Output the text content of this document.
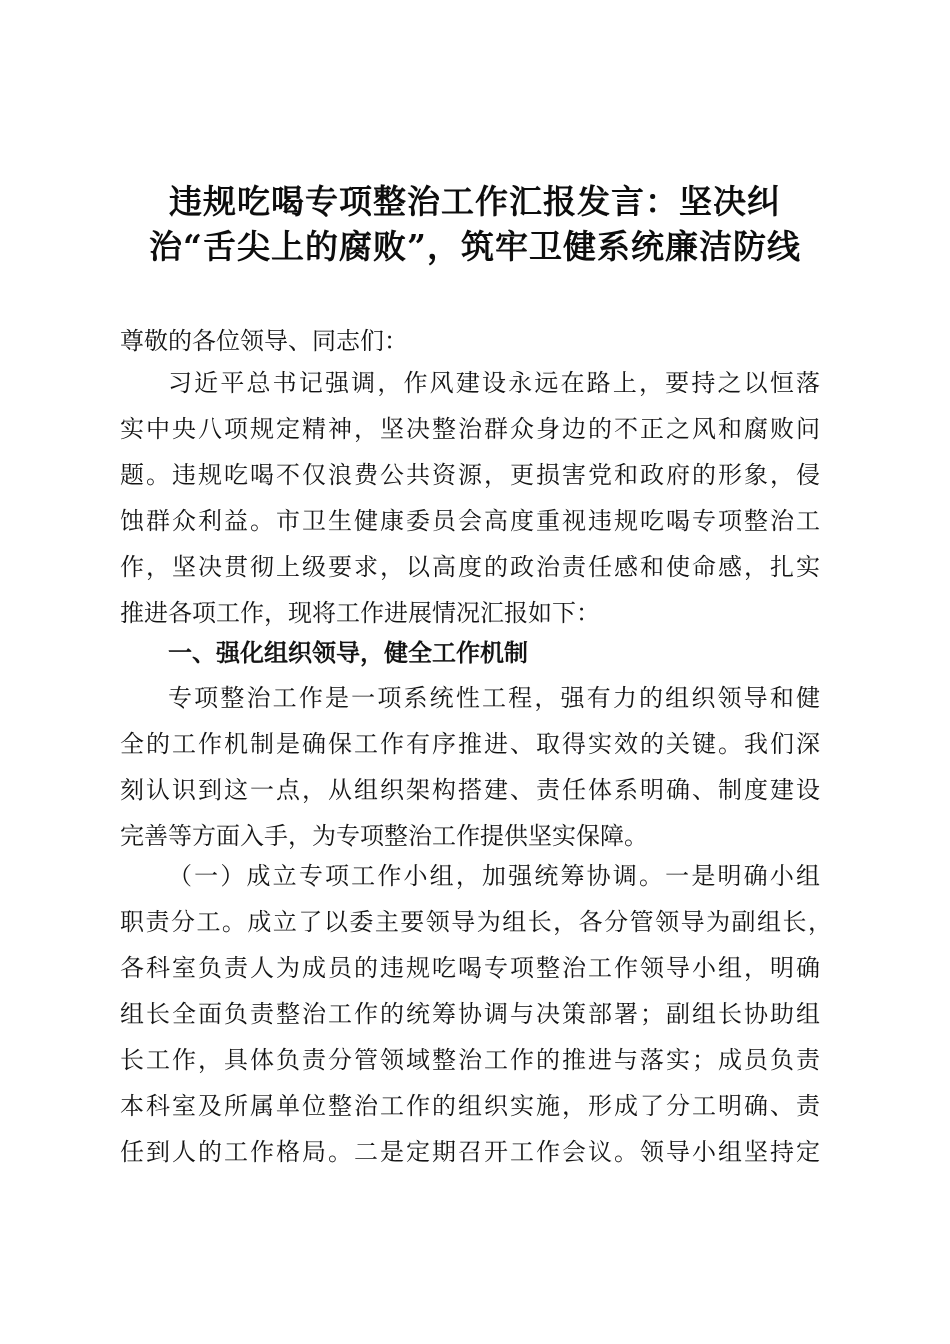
违规吃喝专项整治工作汇报发言：坚决纠
治“舌尖上的腐败”，筑牢卫健系统廉洁防线
尊敬的各位领导、同志们：
习近平总书记强调，作风建设永远在路上，要持之以恒落
实中央八项规定精神，坚决整治群众身边的不正之风和腐败问
题。违规吃喝不仅浪费公共资源，更损害党和政府的形象，侵
蚀群众利益。市卫生健康委员会高度重视违规吃喝专项整治工
作，坚决贯彻上级要求，以高度的政治责任感和使命感，扎实
推进各项工作，现将工作进展情况汇报如下：
一、强化组织领导，健全工作机制
专项整治工作是一项系统性工程，强有力的组织领导和健
全的工作机制是确保工作有序推进、取得实效的关键。我们深
刻认识到这一点，从组织架构搭建、责任体系明确、制度建设
完善等方面入手，为专项整治工作提供坚实保障。
（一）成立专项工作小组，加强统筹协调。一是明确小组
职责分工。成立了以委主要领导为组长，各分管领导为副组长，
各科室负责人为成员的违规吃喝专项整治工作领导小组，明确
组长全面负责整治工作的统筹协调与决策部署；副组长协助组
长工作，具体负责分管领域整治工作的推进与落实；成员负责
本科室及所属单位整治工作的组织实施，形成了分工明确、责
任到人的工作格局。二是定期召开工作会议。领导小组坚持定
